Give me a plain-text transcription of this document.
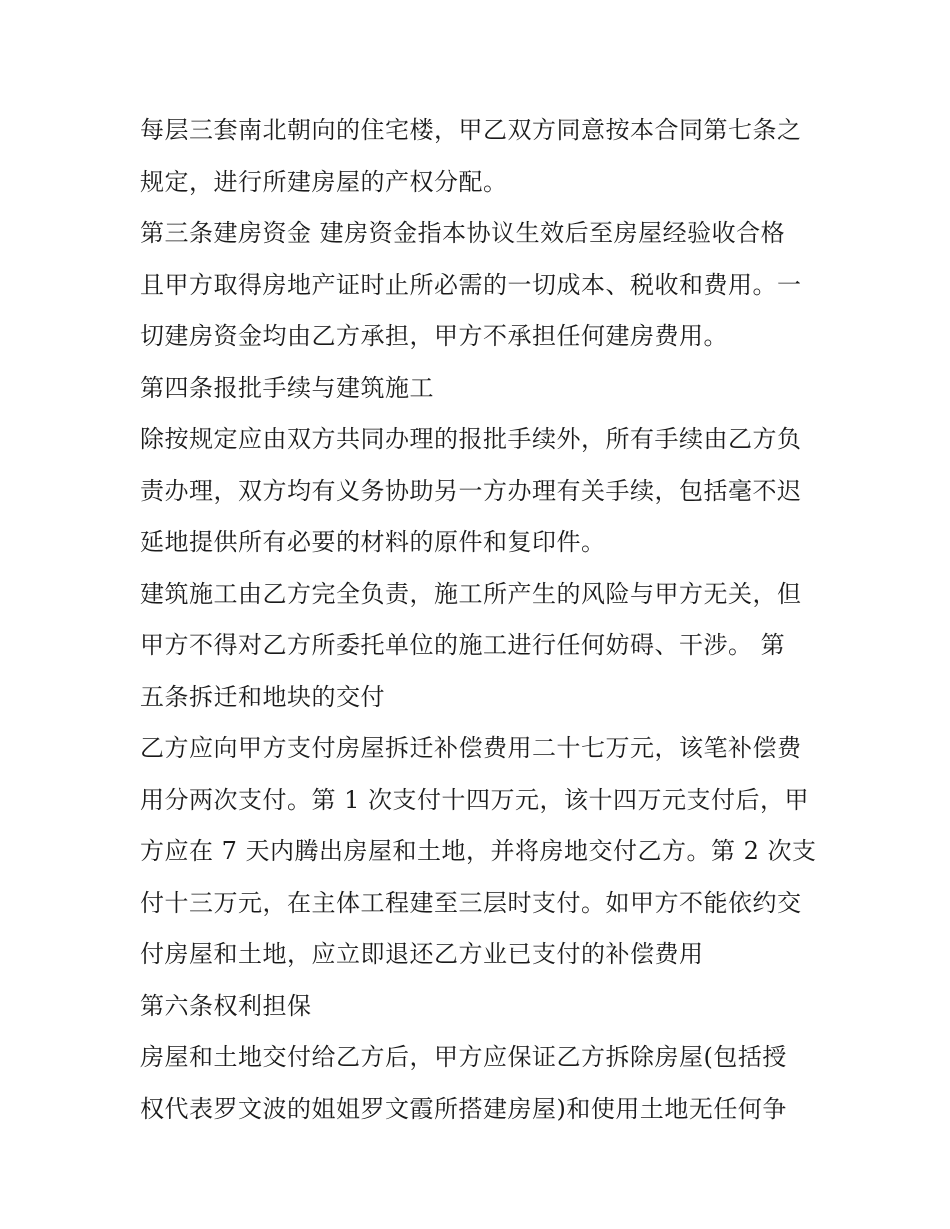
每层三套南北朝向的住宅楼，甲乙双方同意按本合同第七条之
规定，进行所建房屋的产权分配。
第三条建房资金 建房资金指本协议生效后至房屋经验收合格
且甲方取得房地产证时止所必需的一切成本、税收和费用。一
切建房资金均由乙方承担，甲方不承担任何建房费用。
第四条报批手续与建筑施工
除按规定应由双方共同办理的报批手续外，所有手续由乙方负
责办理，双方均有义务协助另一方办理有关手续，包括毫不迟
延地提供所有必要的材料的原件和复印件。
建筑施工由乙方完全负责，施工所产生的风险与甲方无关，但
甲方不得对乙方所委托单位的施工进行任何妨碍、干涉。 第
五条拆迁和地块的交付
乙方应向甲方支付房屋拆迁补偿费用二十七万元，该笔补偿费
用分两次支付。第 1 次支付十四万元，该十四万元支付后，甲
方应在 7 天内腾出房屋和土地，并将房地交付乙方。第 2 次支
付十三万元，在主体工程建至三层时支付。如甲方不能依约交
付房屋和土地，应立即退还乙方业已支付的补偿费用
第六条权利担保
房屋和土地交付给乙方后，甲方应保证乙方拆除房屋(包括授
权代表罗文波的姐姐罗文霞所搭建房屋)和使用土地无任何争
